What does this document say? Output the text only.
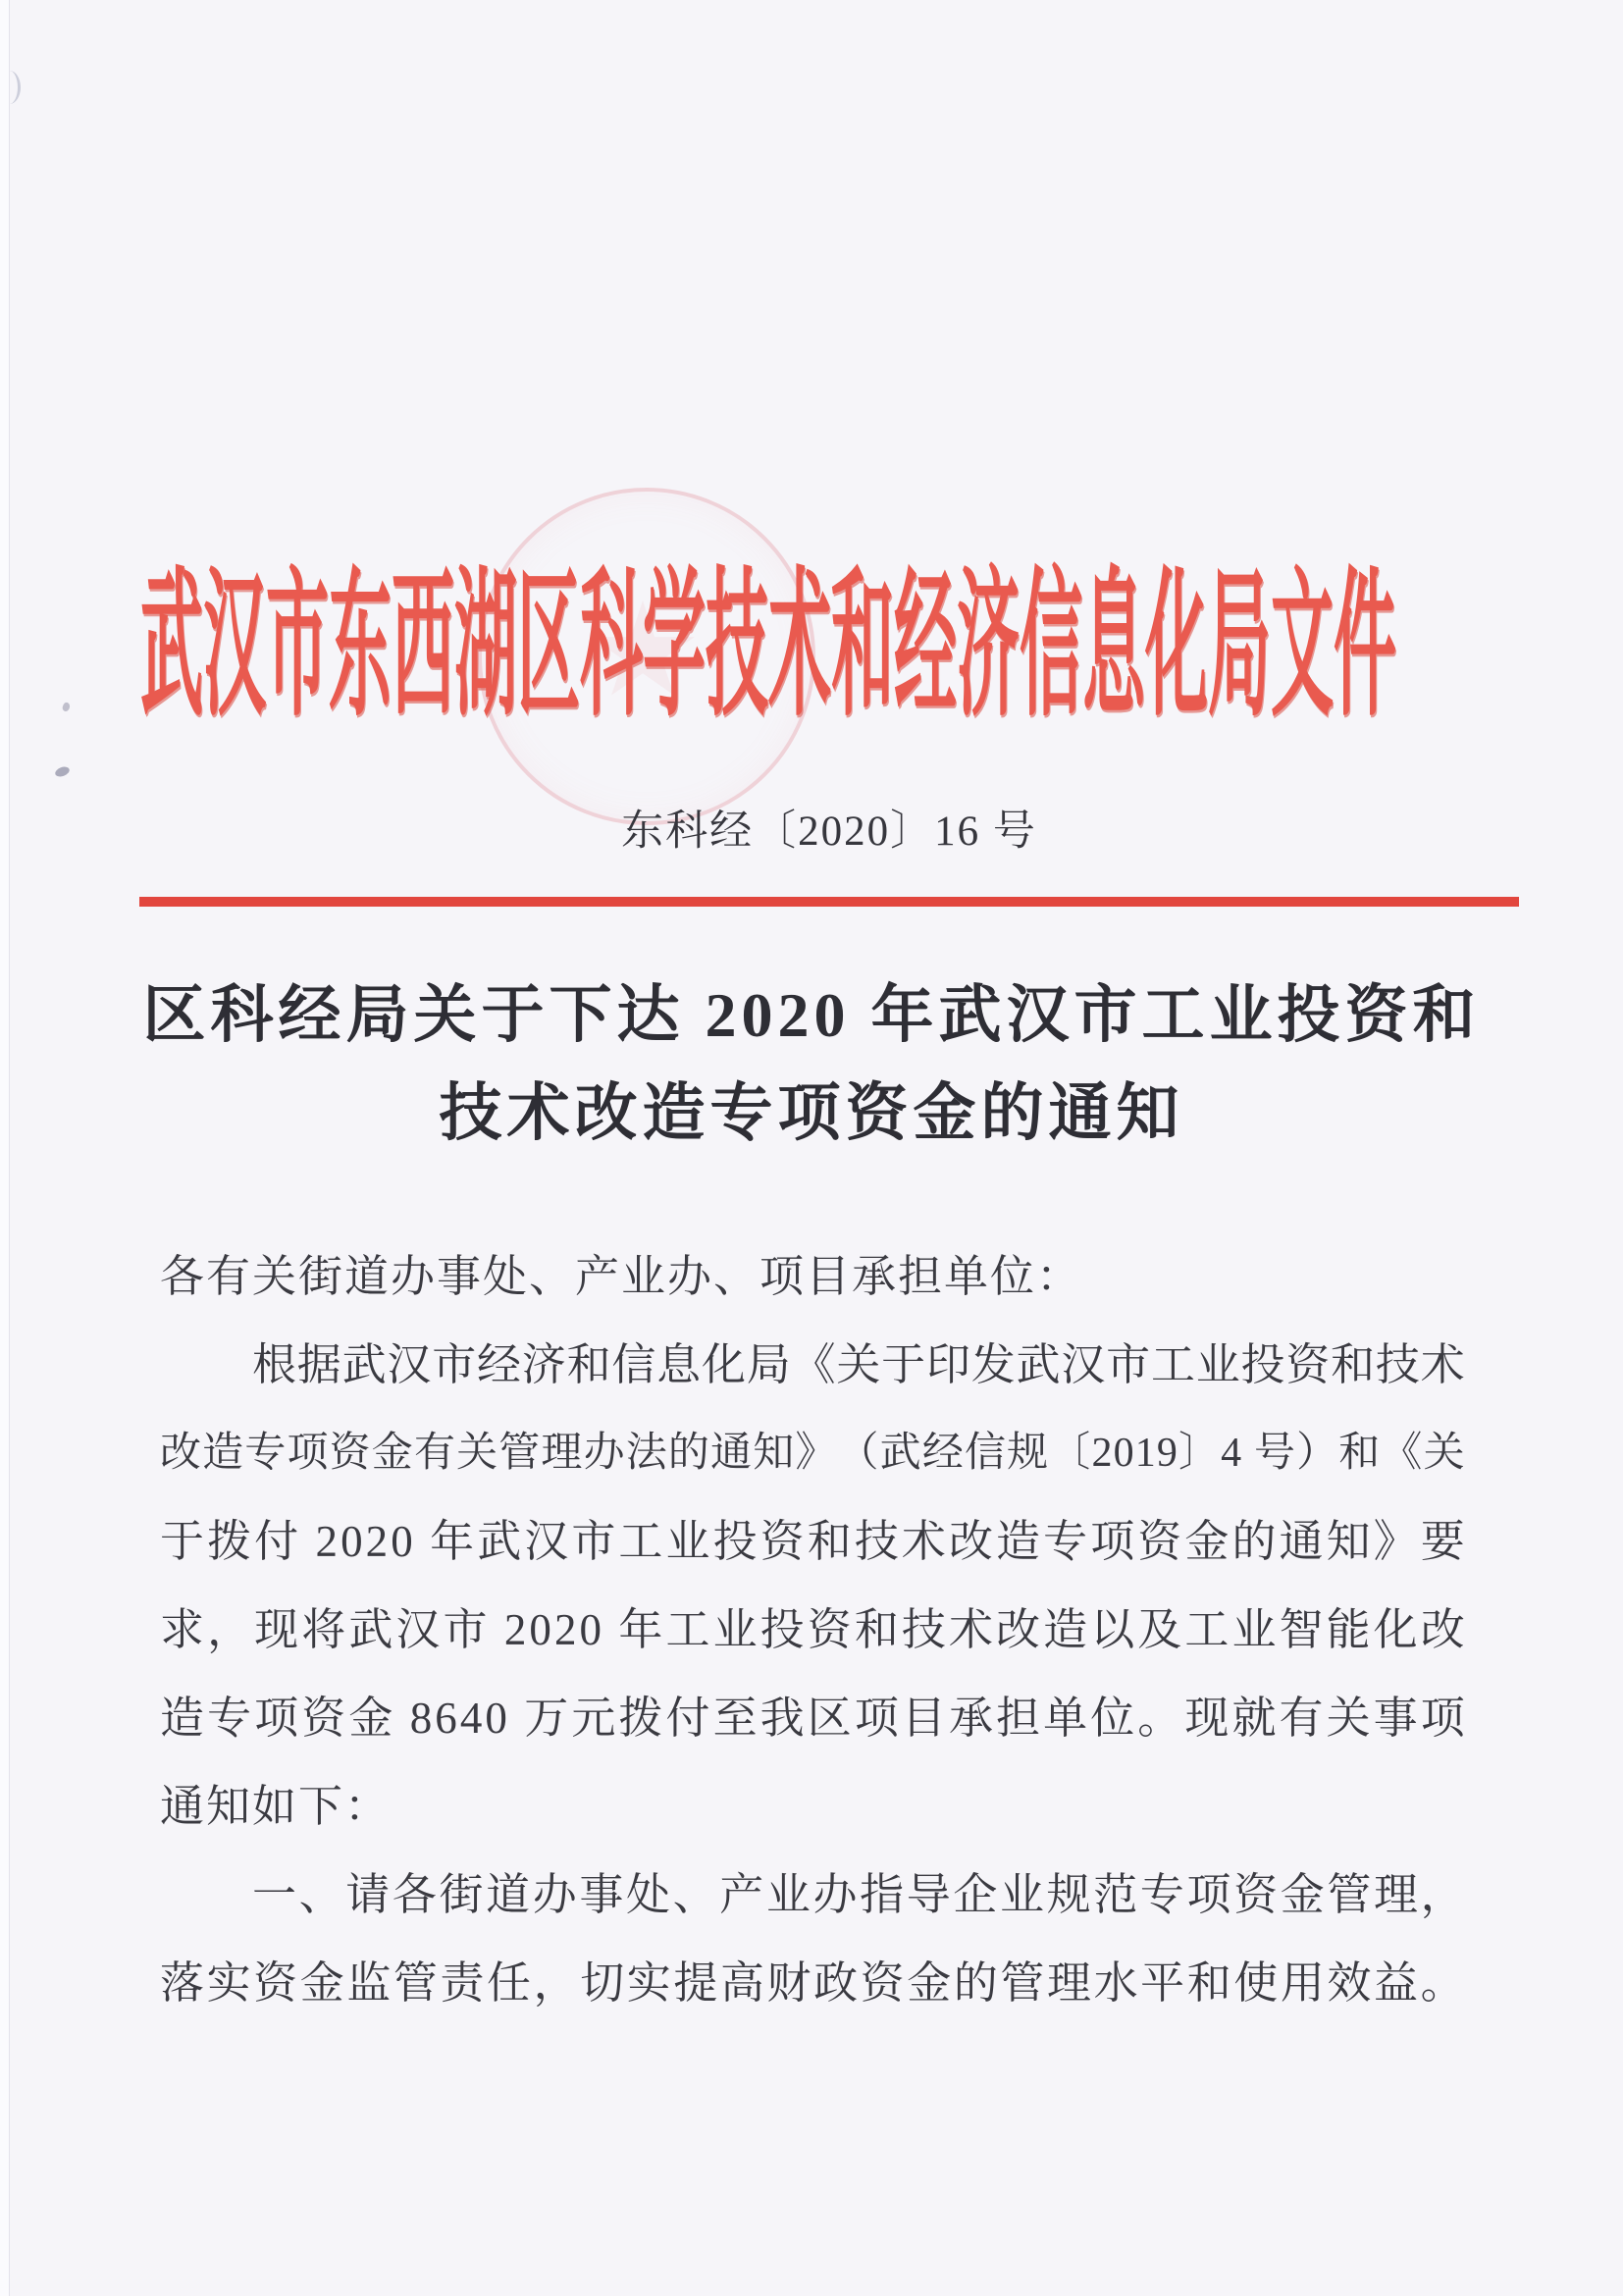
武汉市东西湖区科学技术和经济信息化局文件
东科经〔2020〕16 号
区科经局关于下达 2020 年武汉市工业投资和
技术改造专项资金的通知
各有关街道办事处、产业办、项目承担单位：
根 据 武 汉 市 经 济 和 信 息 化 局 《 关 于 印 发 武 汉 市 工 业 投 资 和 技 术
改 造 专 项 资 金 有 关 管 理 办 法 的 通 知 》 （ 武 经 信 规 〔 2 0 1 9 〕 4
号 ） 和 《 关
于 拨 付
2 0 2 0
年 武 汉 市 工 业 投 资 和 技 术 改 造 专 项 资 金 的 通 知 》 要
求 ， 现 将 武 汉 市
2 0 2 0
年 工 业 投 资 和 技 术 改 造 以 及 工 业 智 能 化 改
造 专 项 资 金
8 6 4 0
万 元 拨 付 至 我 区 项 目 承 担 单 位 。 现 就 有 关 事 项
通知如下：
一 、 请 各 街 道 办 事 处 、 产 业 办 指 导 企 业 规 范 专 项 资 金 管 理 ，
落 实 资 金 监 管 责 任 ， 切 实 提 高 财 政 资 金 的 管 理 水 平 和 使 用 效 益 。
